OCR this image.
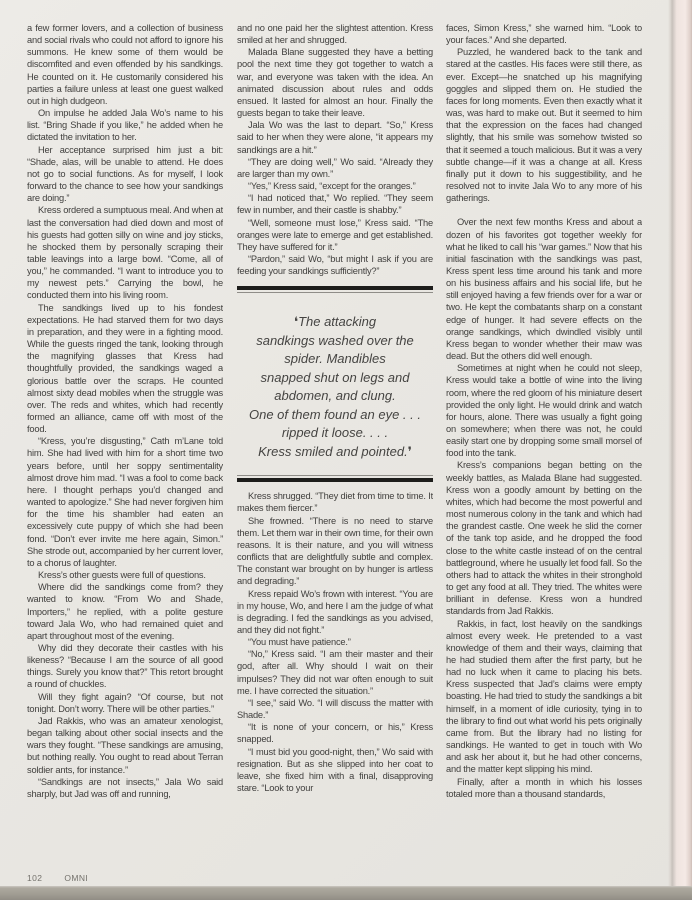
a few former lovers, and a collection of business and social rivals who could not afford to ignore his summons. He knew some of them would be discomfited and even offended by his sandkings. He counted on it. He customarily considered his parties a failure unless at least one guest walked out in high dudgeon.

On impulse he added Jala Wo’s name to his list. “Bring Shade if you like,” he added when he dictated the invitation to her.

Her acceptance surprised him just a bit: “Shade, alas, will be unable to attend. He does not go to social functions. As for myself, I look forward to the chance to see how your sandkings are doing.”

Kress ordered a sumptuous meal. And when at last the conversation had died down and most of his guests had gotten silly on wine and joy sticks, he shocked them by personally scraping their table leavings into a large bowl. “Come, all of you,” he commanded. “I want to introduce you to my newest pets.” Carrying the bowl, he conducted them into his living room.

The sandkings lived up to his fondest expectations. He had starved them for two days in preparation, and they were in a fighting mood. While the guests ringed the tank, looking through the magnifying glasses that Kress had thoughtfully provided, the sandkings waged a glorious battle over the scraps. He counted almost sixty dead mobiles when the struggle was over. The reds and whites, which had recently formed an alliance, came off with most of the food.

“Kress, you’re disgusting,” Cath m’Lane told him. She had lived with him for a short time two years before, until her soppy sentimentality almost drove him mad. “I was a fool to come back here. I thought perhaps you’d changed and wanted to apologize.” She had never forgiven him for the time his shambler had eaten an excessively cute puppy of which she had been fond. “Don’t ever invite me here again, Simon.” She strode out, accompanied by her current lover, to a chorus of laughter.

Kress’s other guests were full of questions.

Where did the sandkings come from? they wanted to know. “From Wo and Shade, Importers,” he replied, with a polite gesture toward Jala Wo, who had remained quiet and apart throughout most of the evening.

Why did they decorate their castles with his likeness? “Because I am the source of all good things. Surely you know that?” This retort brought a round of chuckles.

Will they fight again? “Of course, but not tonight. Don’t worry. There will be other parties.”

Jad Rakkis, who was an amateur xenologist, began talking about other social insects and the wars they fought. “These sandkings are amusing, but nothing really. You ought to read about Terran soldier ants, for instance.”

“Sandkings are not insects,” Jala Wo said sharply, but Jad was off and running,

and no one paid her the slightest attention. Kress smiled at her and shrugged.

Malada Blane suggested they have a betting pool the next time they got together to watch a war, and everyone was taken with the idea. An animated discussion about rules and odds ensued. It lasted for almost an hour. Finally the guests began to take their leave.

Jala Wo was the last to depart. “So,” Kress said to her when they were alone, “it appears my sandkings are a hit.”

“They are doing well,” Wo said. “Already they are larger than my own.”

“Yes,” Kress said, “except for the oranges.”

“I had noticed that,” Wo replied. “They seem few in number, and their castle is shabby.”

“Well, someone must lose,” Kress said. “The oranges were late to emerge and get established. They have suffered for it.”

“Pardon,” said Wo, “but might I ask if you are feeding your sandkings sufficiently?”

❛The attacking
sandkings washed over the
spider. Mandibles
snapped shut on legs and
abdomen, and clung.
One of them found an eye . . .
ripped it loose. . . .
Kress smiled and pointed.❜

Kress shrugged. “They diet from time to time. It makes them fiercer.”

She frowned. “There is no need to starve them. Let them war in their own time, for their own reasons. It is their nature, and you will witness conflicts that are delightfully subtle and complex. The constant war brought on by hunger is artless and degrading.”

Kress repaid Wo’s frown with interest. “You are in my house, Wo, and here I am the judge of what is degrading. I fed the sandkings as you advised, and they did not fight.”

“You must have patience.”

“No,” Kress said. “I am their master and their god, after all. Why should I wait on their impulses? They did not war often enough to suit me. I have corrected the situation.”

“I see,” said Wo. “I will discuss the matter with Shade.”

“It is none of your concern, or his,” Kress snapped.

“I must bid you good-night, then,” Wo said with resignation. But as she slipped into her coat to leave, she fixed him with a final, disapproving stare. “Look to your

faces, Simon Kress,” she warned him. “Look to your faces.” And she departed.

Puzzled, he wandered back to the tank and stared at the castles. His faces were still there, as ever. Except—he snatched up his magnifying goggles and slipped them on. He studied the faces for long moments. Even then exactly what it was, was hard to make out. But it seemed to him that the expression on the faces had changed slightly, that his smile was somehow twisted so that it seemed a touch malicious. But it was a very subtle change—if it was a change at all. Kress finally put it down to his suggestibility, and he resolved not to invite Jala Wo to any more of his gatherings.

Over the next few months Kress and about a dozen of his favorites got together weekly for what he liked to call his “war games.” Now that his initial fascination with the sandkings was past, Kress spent less time around his tank and more on his business affairs and his social life, but he still enjoyed having a few friends over for a war or two. He kept the combatants sharp on a constant edge of hunger. It had severe effects on the orange sandkings, which dwindled visibly until Kress began to wonder whether their maw was dead. But the others did well enough.

Sometimes at night when he could not sleep, Kress would take a bottle of wine into the living room, where the red gloom of his miniature desert provided the only light. He would drink and watch for hours, alone. There was usually a fight going on somewhere; when there was not, he could easily start one by dropping some small morsel of food into the tank.

Kress’s companions began betting on the weekly battles, as Malada Blane had suggested. Kress won a goodly amount by betting on the whites, which had become the most powerful and most numerous colony in the tank and which had the grandest castle. One week he slid the corner of the tank top aside, and he dropped the food close to the white castle instead of on the central battleground, where he usually let food fall. So the others had to attack the whites in their stronghold to get any food at all. They tried. The whites were brilliant in defense. Kress won a hundred standards from Jad Rakkis.

Rakkis, in fact, lost heavily on the sandkings almost every week. He pretended to a vast knowledge of them and their ways, claiming that he had studied them after the first party, but he had no luck when it came to placing his bets. Kress suspected that Jad’s claims were empty boasting. He had tried to study the sandkings a bit himself, in a moment of idle curiosity, tying in to the library to find out what world his pets originally came from. But the library had no listing for sandkings. He wanted to get in touch with Wo and ask her about it, but he had other concerns, and the matter kept slipping his mind.

Finally, after a month in which his losses totaled more than a thousand standards,

102	OMNI
